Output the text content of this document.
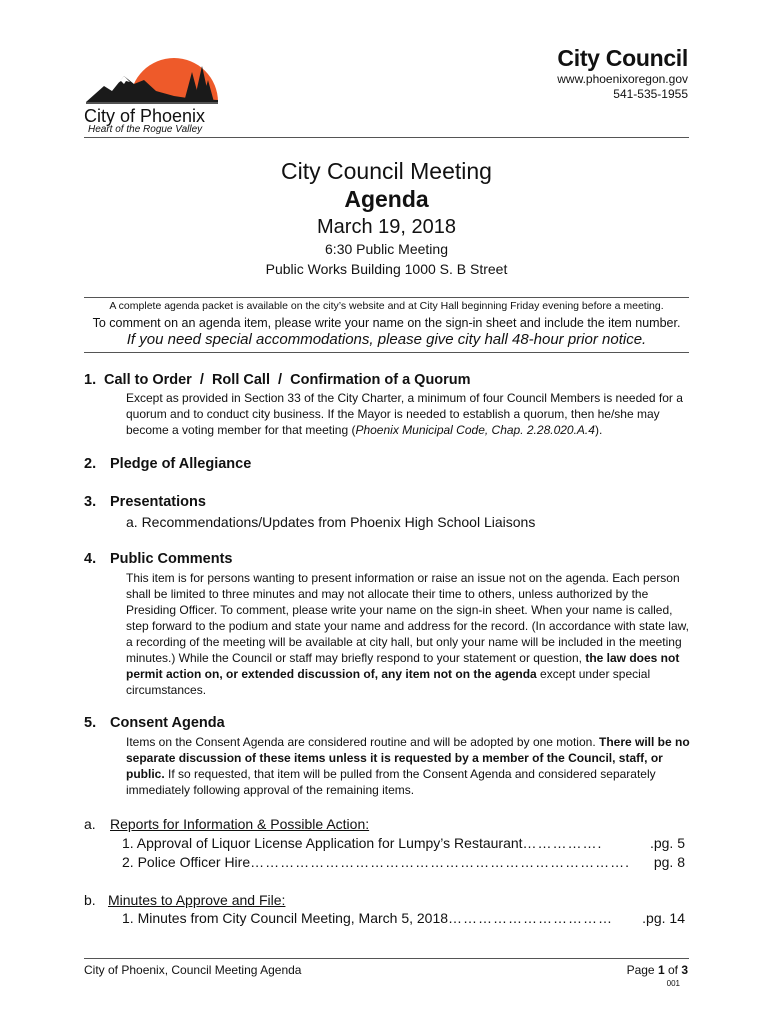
City of Phoenix
Heart of the Rogue Valley
City Council
www.phoenixoregon.gov
541-535-1955
City Council Meeting
Agenda
March 19, 2018
6:30 Public Meeting
Public Works Building 1000 S. B Street
A complete agenda packet is available on the city’s website and at City Hall beginning Friday evening before a meeting.
To comment on an agenda item, please write your name on the sign-in sheet and include the item number.
If you need special accommodations, please give city hall 48-hour prior notice.
1. Call to Order  /  Roll Call  /  Confirmation of a Quorum
Except as provided in Section 33 of the City Charter, a minimum of four Council Members is needed for a quorum and to conduct city business. If the Mayor is needed to establish a quorum, then he/she may become a voting member for that meeting (Phoenix Municipal Code, Chap. 2.28.020.A.4).
2. Pledge of Allegiance
3. Presentations
a. Recommendations/Updates from Phoenix High School Liaisons
4. Public Comments
This item is for persons wanting to present information or raise an issue not on the agenda. Each person shall be limited to three minutes and may not allocate their time to others, unless authorized by the Presiding Officer. To comment, please write your name on the sign-in sheet. When your name is called, step forward to the podium and state your name and address for the record. (In accordance with state law, a recording of the meeting will be available at city hall, but only your name will be included in the meeting minutes.) While the Council or staff may briefly respond to your statement or question, the law does not permit action on, or extended discussion of, any item not on the agenda except under special circumstances.
5. Consent Agenda
Items on the Consent Agenda are considered routine and will be adopted by one motion. There will be no separate discussion of these items unless it is requested by a member of the Council, staff, or public. If so requested, that item will be pulled from the Consent Agenda and considered separately immediately following approval of the remaining items.
a. Reports for Information & Possible Action:
1. Approval of Liquor License Application for Lumpy’s Restaurant …………….	.pg. 5
2. Police Officer Hire ………………………………………………………………….	pg. 8
b. Minutes to Approve and File:
1. Minutes from City Council Meeting, March 5, 2018 ……………………………	.pg. 14
City of Phoenix, Council Meeting Agenda	Page 1 of 3
001
